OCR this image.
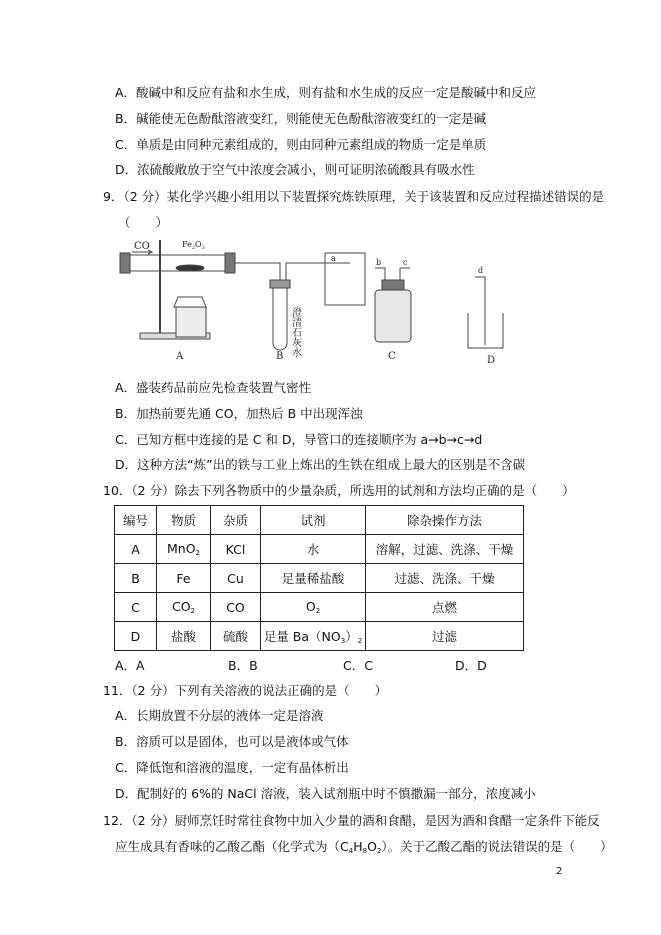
A．酸碱中和反应有盐和水生成，则有盐和水生成的反应一定是酸碱中和反应
B．碱能使无色酚酞溶液变红，则能使无色酚酞溶液变红的一定是碱
C．单质是由同种元素组成的，则由同种元素组成的物质一定是单质
D．浓硫酸敞放于空气中浓度会减小，则可证明浓硫酸具有吸水性
9．（2 分）某化学兴趣小组用以下装置探究炼铁原理，关于该装置和反应过程描述错误的是
（　　）
CO	$Fe_2O_3$
A	澄清石灰水
B
a	b	c
C
d
D
A．盛装药品前应先检查装置气密性
B．加热前要先通 CO，加热后 B 中出现浑浊
C．已知方框中连接的是 C 和 D，导管口的连接顺序为 a→b→c→d
D．这种方法“炼”出的铁与工业上炼出的生铁在组成上最大的区别是不含碳
10．（2 分）除去下列各物质中的少量杂质，所选用的试剂和方法均正确的是（　　）
编号	物质	杂质	试剂	除杂操作方法
A	MnO$_2$	KCl	水	溶解，过滤、洗涤、干燥
B	Fe	Cu	足量稀盐酸	过滤、洗涤、干燥
C	$CO_2$	CO	$O_2$	点燃
D	盐酸	硫酸	足量 $Ba(NO_3)_2$	过滤
A．A	B．B	C．C	D．D
11．（2 分）下列有关溶液的说法正确的是（　　）
A．长期放置不分层的液体一定是溶液
B．溶质可以是固体，也可以是液体或气体
C．降低饱和溶液的温度，一定有晶体析出
D．配制好的 6%的 NaCl 溶液，装入试剂瓶中时不慎撒漏一部分，浓度减小
12．（2 分）厨师烹饪时常往食物中加入少量的酒和食醋，是因为酒和食醋一定条件下能反
应生成具有香味的乙酸乙酯（化学式为$(C_4H_8O_2)$。关于乙酸乙酯的说法错误的是（　　）
2
